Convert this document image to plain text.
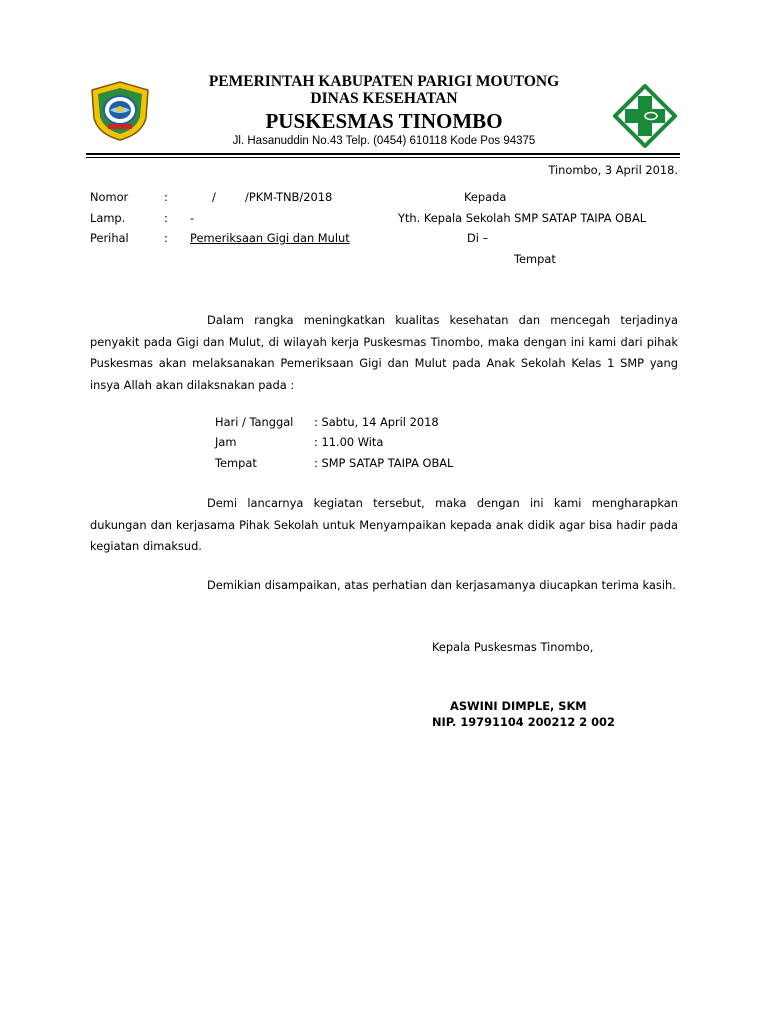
PEMERINTAH KABUPATEN PARIGI MOUTONG
DINAS KESEHATAN
PUSKESMAS TINOMBO
Jl. Hasanuddin No.43 Telp. (0454) 610118 Kode Pos 94375
Tinombo, 3 April 2018.
Nomor	:	/	/PKM-TNB/2018
Lamp.	: -
Perihal	: Pemeriksaan Gigi dan Mulut
Kepada
Yth. Kepala Sekolah SMP SATAP TAIPA OBAL
Di –
Tempat
Dalam rangka meningkatkan kualitas kesehatan dan mencegah terjadinya penyakit pada Gigi dan Mulut, di wilayah kerja Puskesmas Tinombo, maka dengan ini kami dari pihak Puskesmas akan melaksanakan Pemeriksaan Gigi dan Mulut pada Anak Sekolah Kelas 1 SMP yang insya Allah akan dilaksnakan pada :
Hari / Tanggal : Sabtu, 14 April 2018
Jam	: 11.00 Wita
Tempat	: SMP SATAP TAIPA OBAL
Demi lancarnya kegiatan tersebut, maka dengan ini kami mengharapkan dukungan dan kerjasama Pihak Sekolah untuk Menyampaikan kepada anak didik agar bisa hadir pada kegiatan dimaksud.
Demikian disampaikan, atas perhatian dan kerjasamanya diucapkan terima kasih.
Kepala Puskesmas Tinombo,
ASWINI DIMPLE, SKM
NIP. 19791104 200212 2 002
